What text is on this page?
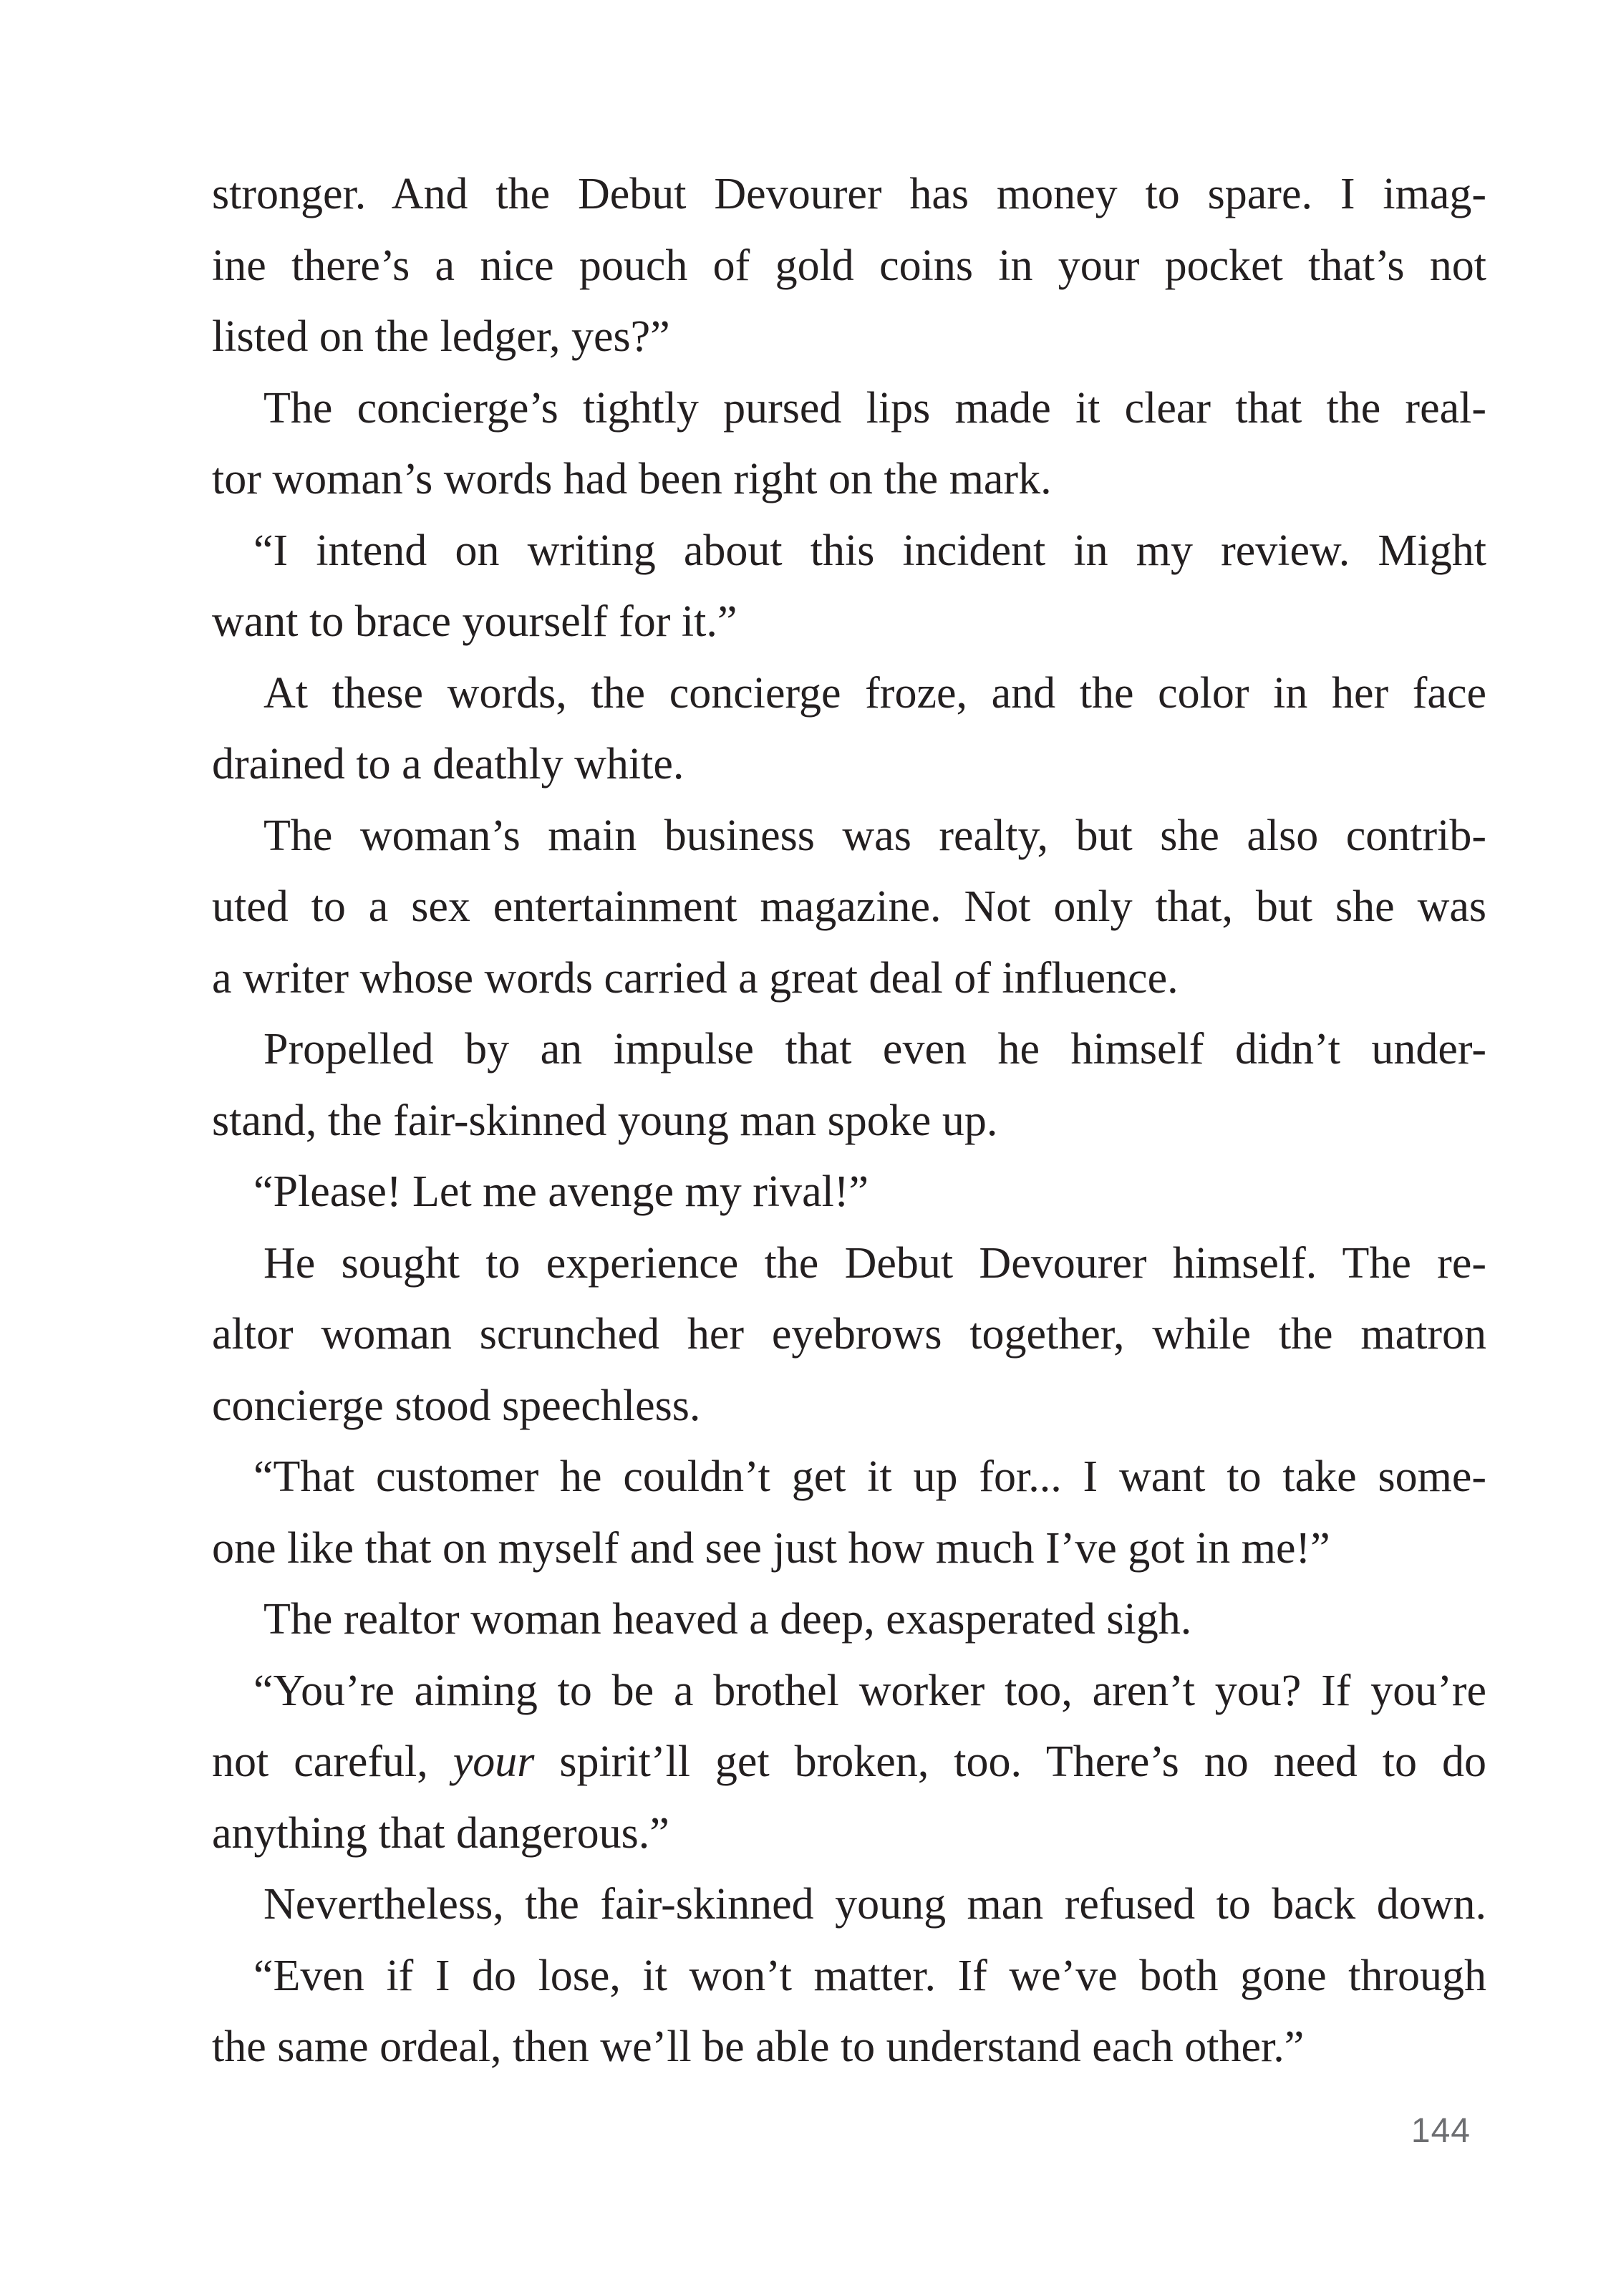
stronger. And the Debut Devourer has money to spare. I imag-
ine there’s a nice pouch of gold coins in your pocket that’s not
listed on the ledger, yes?”
The concierge’s tightly pursed lips made it clear that the real-
tor woman’s words had been right on the mark.
“I intend on writing about this incident in my review. Might
want to brace yourself for it.”
At these words, the concierge froze, and the color in her face
drained to a deathly white.
The woman’s main business was realty, but she also contrib-
uted to a sex entertainment magazine. Not only that, but she was
a writer whose words carried a great deal of influence.
Propelled by an impulse that even he himself didn’t under-
stand, the fair-skinned young man spoke up.
“Please! Let me avenge my rival!”
He sought to experience the Debut Devourer himself. The re-
altor woman scrunched her eyebrows together, while the matron
concierge stood speechless.
“That customer he couldn’t get it up for... I want to take some-
one like that on myself and see just how much I’ve got in me!”
The realtor woman heaved a deep, exasperated sigh.
“You’re aiming to be a brothel worker too, aren’t you? If you’re
not careful, your spirit’ll get broken, too. There’s no need to do
anything that dangerous.”
Nevertheless, the fair-skinned young man refused to back down.
“Even if I do lose, it won’t matter. If we’ve both gone through
the same ordeal, then we’ll be able to understand each other.”
144
